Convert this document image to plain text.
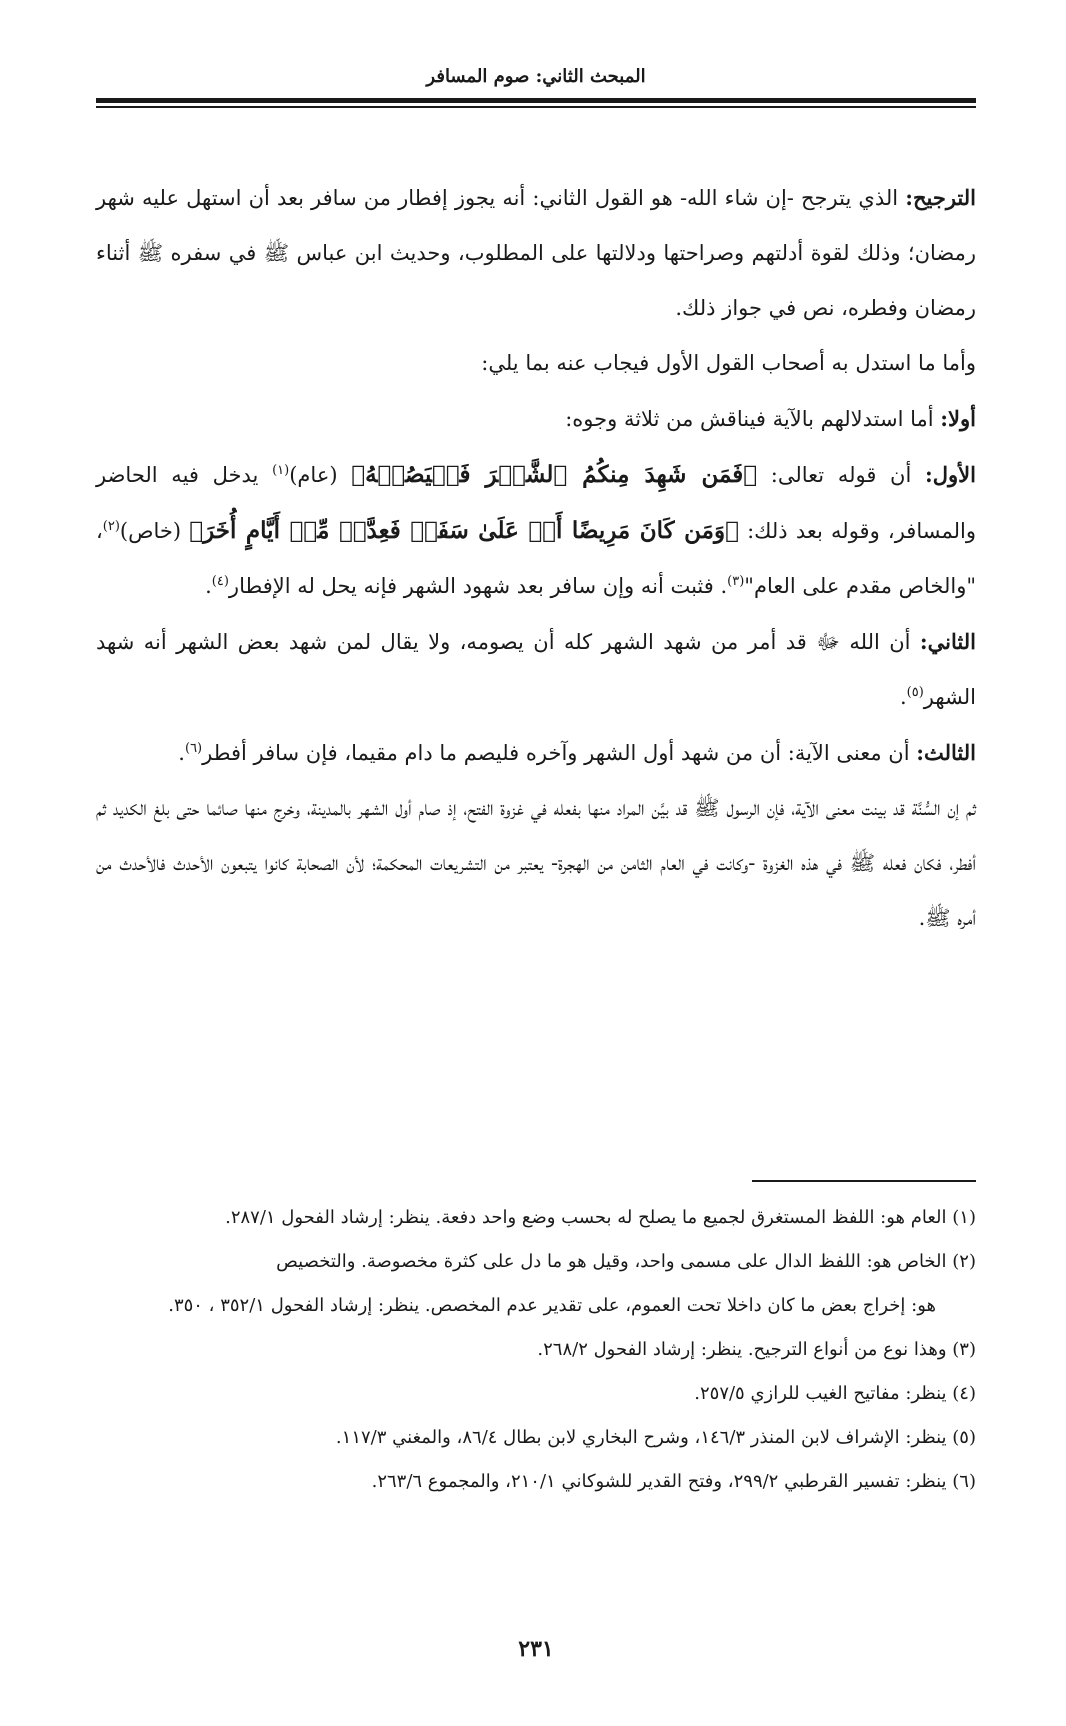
المبحث الثاني: صوم المسافر

الترجيح: الذي يترجح -إن شاء الله- هو القول الثاني: أنه يجوز إفطار من سافر بعد أن استهل عليه شهر رمضان؛ وذلك لقوة أدلتهم وصراحتها ودلالتها على المطلوب، وحديث ابن عباس ﷺ في سفره ﷺ أثناء رمضان وفطره، نص في جواز ذلك.

وأما ما استدل به أصحاب القول الأول فيجاب عنه بما يلي:

أولا: أما استدلالهم بالآية فيناقش من ثلاثة وجوه:

الأول: أن قوله تعالى: ﴿فَمَن شَهِدَ مِنكُمُ ٱلشَّهۡرَ فَلۡيَصُمۡهُ﴾ (عام)$^{(١)}$ يدخل فيه الحاضر والمسافر، وقوله بعد ذلك: ﴿وَمَن كَانَ مَرِيضًا أَوۡ عَلَىٰ سَفَرٖ فَعِدَّةٞ مِّنۡ أَيَّامٍ أُخَرَ﴾ (خاص)$^{(٢)}$، "والخاص مقدم على العام"$^{(٣)}$. فثبت أنه وإن سافر بعد شهود الشهر فإنه يحل له الإفطار$^{(٤)}$.

الثاني: أن الله ﷻ قد أمر من شهد الشهر كله أن يصومه، ولا يقال لمن شهد بعض الشهر أنه شهد الشهر$^{(٥)}$.

الثالث: أن معنى الآية: أن من شهد أول الشهر وآخره فليصم ما دام مقيما، فإن سافر أفطر$^{(٦)}$.

ثم إن السُّنَّة قد بينت معنى الآية، فإن الرسول ﷺ قد بيَّن المراد منها بفعله في غزوة الفتح، إذ صام أول الشهر بالمدينة، وخرج منها صائما حتى بلغ الكديد ثم أفطر، فكان فعله ﷺ في هذه الغزوة -وكانت في العام الثامن من الهجرة- يعتبر من التشريعات المحكمة؛ لأن الصحابة كانوا يتبعون الأحدث فالأحدث من أمره ﷺ.

(١) العام هو: اللفظ المستغرق لجميع ما يصلح له بحسب وضع واحد دفعة. ينظر: إرشاد الفحول ٢٨٧/١.

(٢) الخاص هو: اللفظ الدال على مسمى واحد، وقيل هو ما دل على كثرة مخصوصة. والتخصيص

هو: إخراج بعض ما كان داخلا تحت العموم، على تقدير عدم المخصص. ينظر: إرشاد الفحول ٣٥٢/١ ، ٣٥٠.

(٣) وهذا نوع من أنواع الترجيح. ينظر: إرشاد الفحول ٢٦٨/٢.

(٤) ينظر: مفاتيح الغيب للرازي ٢٥٧/٥.

(٥) ينظر: الإشراف لابن المنذر ١٤٦/٣، وشرح البخاري لابن بطال ٨٦/٤، والمغني ١١٧/٣.

(٦) ينظر: تفسير القرطبي ٢٩٩/٢، وفتح القدير للشوكاني ٢١٠/١، والمجموع ٢٦٣/٦.

٢٣١
